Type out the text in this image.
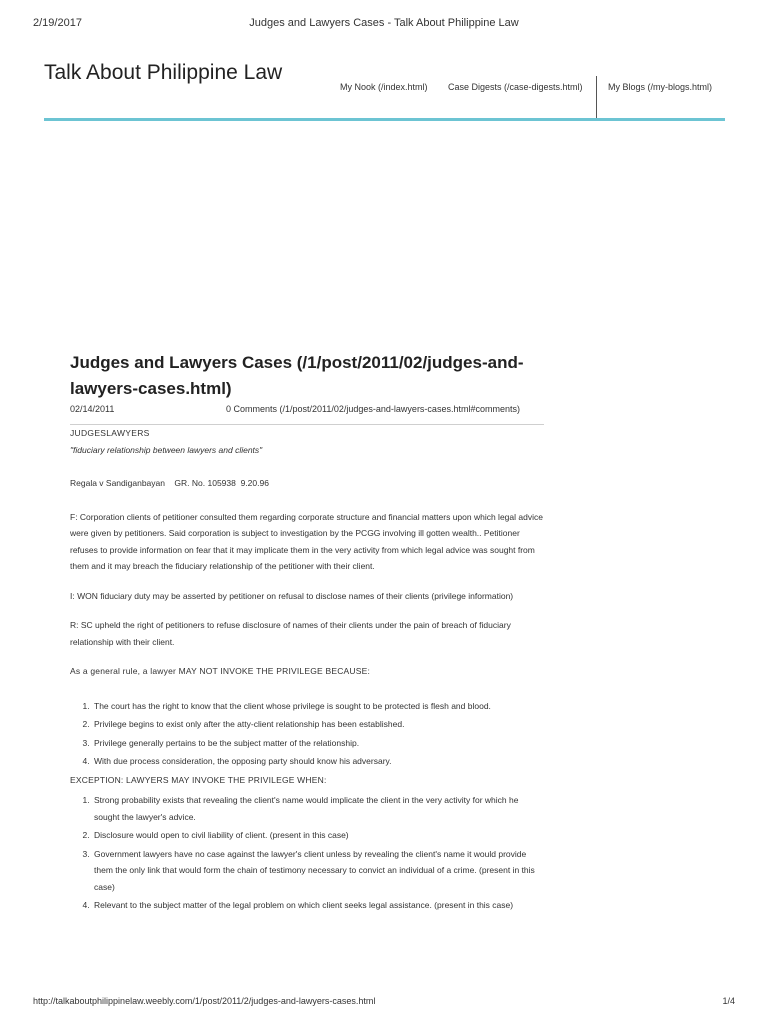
2/19/2017	Judges and Lawyers Cases - Talk About Philippine Law
Talk About Philippine Law
My Nook (/index.html) Case Digests (/case-digests.html)	My Blogs (/my-blogs.html)
Judges and Lawyers Cases (/1/post/2011/02/judges-and-lawyers-cases.html)
02/14/2011	0 Comments (/1/post/2011/02/judges-and-lawyers-cases.html#comments)

JUDGESLAWYERS

"fiduciary relationship between lawyers and clients"

Regala v Sandiganbayan    GR. No. 105938  9.20.96

F: Corporation clients of petitioner consulted them regarding corporate structure and financial matters upon which legal advice were given by petitioners. Said corporation is subject to investigation by the PCGG involving ill gotten wealth.. Petitioner refuses to provide information on fear that it may implicate them in the very activity from which legal advice was sought from them and it may breach the fiduciary relationship of the petitioner with their client.

I: WON fiduciary duty may be asserted by petitioner on refusal to disclose names of their clients (privilege information)

R: SC upheld the right of petitioners to refuse disclosure of names of their clients under the pain of breach of fiduciary relationship with their client.

As a general rule, a lawyer MAY NOT INVOKE THE PRIVILEGE BECAUSE:

1. The court has the right to know that the client whose privilege is sought to be protected is flesh and blood.
2. Privilege begins to exist only after the atty-client relationship has been established.
3. Privilege generally pertains to be the subject matter of the relationship.
4. With due process consideration, the opposing party should know his adversary.

EXCEPTION: LAWYERS MAY INVOKE THE PRIVILEGE WHEN:

1. Strong probability exists that revealing the client's name would implicate the client in the very activity for which he sought the lawyer's advice.
2. Disclosure would open to civil liability of client. (present in this case)
3. Government lawyers have no case against the lawyer's client unless by revealing the client's name it would provide them the only link that would form the chain of testimony necessary to convict an individual of a crime. (present in this case)
4. Relevant to the subject matter of the legal problem on which client seeks legal assistance. (present in this case)
http://talkaboutphilippinelaw.weebly.com/1/post/2011/2/judges-and-lawyers-cases.html	1/4
